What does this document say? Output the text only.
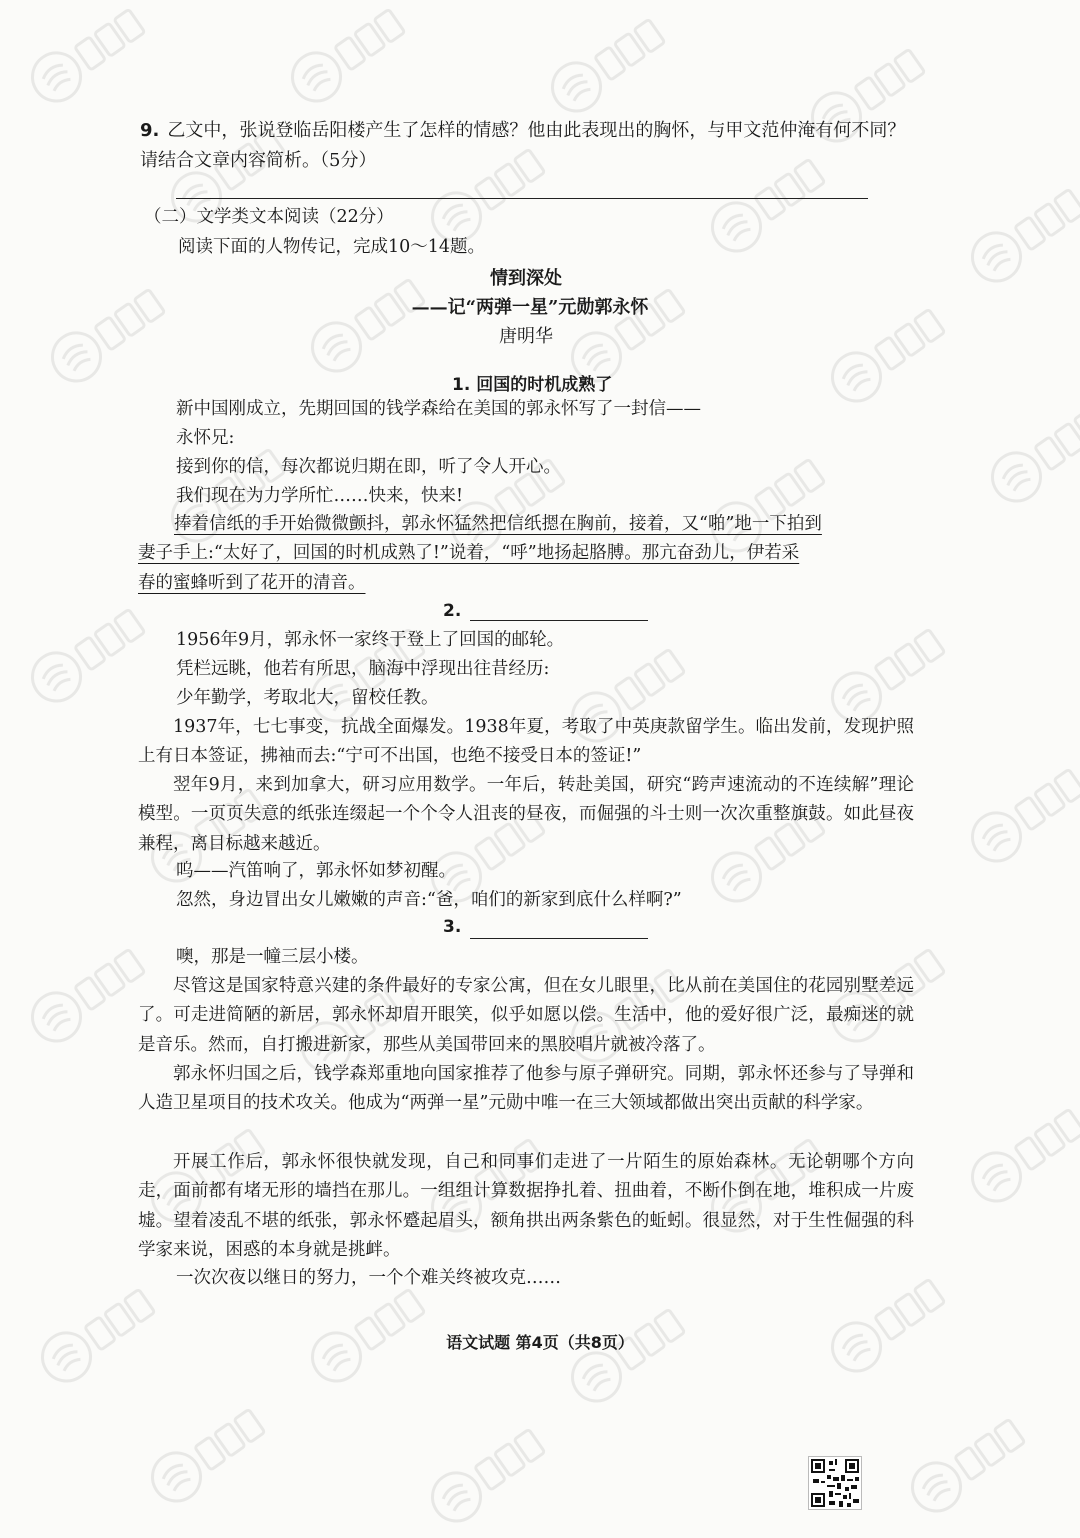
9. 乙文中，张说登临岳阳楼产生了怎样的情感？他由此表现出的胸怀，与甲文范仲淹有何不同？请结合文章内容简析。（5分）
（二）文学类文本阅读（22分）
阅读下面的人物传记，完成10～14题。
情到深处
——记“两弹一星”元勋郭永怀
唐明华
1. 回国的时机成熟了
新中国刚成立，先期回国的钱学森给在美国的郭永怀写了一封信——
永怀兄:
接到你的信，每次都说归期在即，听了令人开心。
我们现在为力学所忙……快来，快来!
捧着信纸的手开始微微颤抖，郭永怀猛然把信纸摁在胸前，接着，又“啪”地一下拍到
妻子手上:“太好了，回国的时机成熟了!”说着，“呼”地扬起胳膊。那亢奋劲儿，伊若采
春的蜜蜂听到了花开的清音。
2.
1956年9月，郭永怀一家终于登上了回国的邮轮。
凭栏远眺，他若有所思，脑海中浮现出往昔经历:
少年勤学，考取北大，留校任教。
1937年，七七事变，抗战全面爆发。1938年夏，考取了中英庚款留学生。临出发前，发现护照上有日本签证，拂袖而去:“宁可不出国，也绝不接受日本的签证!”
翌年9月，来到加拿大，研习应用数学。一年后，转赴美国，研究“跨声速流动的不连续解”理论模型。一页页失意的纸张连缀起一个个令人沮丧的昼夜，而倔强的斗士则一次次重整旗鼓。如此昼夜兼程，离目标越来越近。
呜——汽笛响了，郭永怀如梦初醒。
忽然，身边冒出女儿嫩嫩的声音:“爸，咱们的新家到底什么样啊?”
3.
噢，那是一幢三层小楼。
尽管这是国家特意兴建的条件最好的专家公寓，但在女儿眼里，比从前在美国住的花园别墅差远了。可走进简陋的新居，郭永怀却眉开眼笑，似乎如愿以偿。生活中，他的爱好很广泛，最痴迷的就是音乐。然而，自打搬进新家，那些从美国带回来的黑胶唱片就被冷落了。
郭永怀归国之后，钱学森郑重地向国家推荐了他参与原子弹研究。同期，郭永怀还参与了导弹和人造卫星项目的技术攻关。他成为“两弹一星”元勋中唯一在三大领域都做出突出贡献的科学家。
开展工作后，郭永怀很快就发现，自己和同事们走进了一片陌生的原始森林。无论朝哪个方向走，面前都有堵无形的墙挡在那儿。一组组计算数据挣扎着、扭曲着，不断仆倒在地，堆积成一片废墟。望着凌乱不堪的纸张，郭永怀蹙起眉头，额角拱出两条紫色的蚯蚓。很显然，对于生性倔强的科学家来说，困惑的本身就是挑衅。
一次次夜以继日的努力，一个个难关终被攻克……
语文试题 第4页（共8页）
